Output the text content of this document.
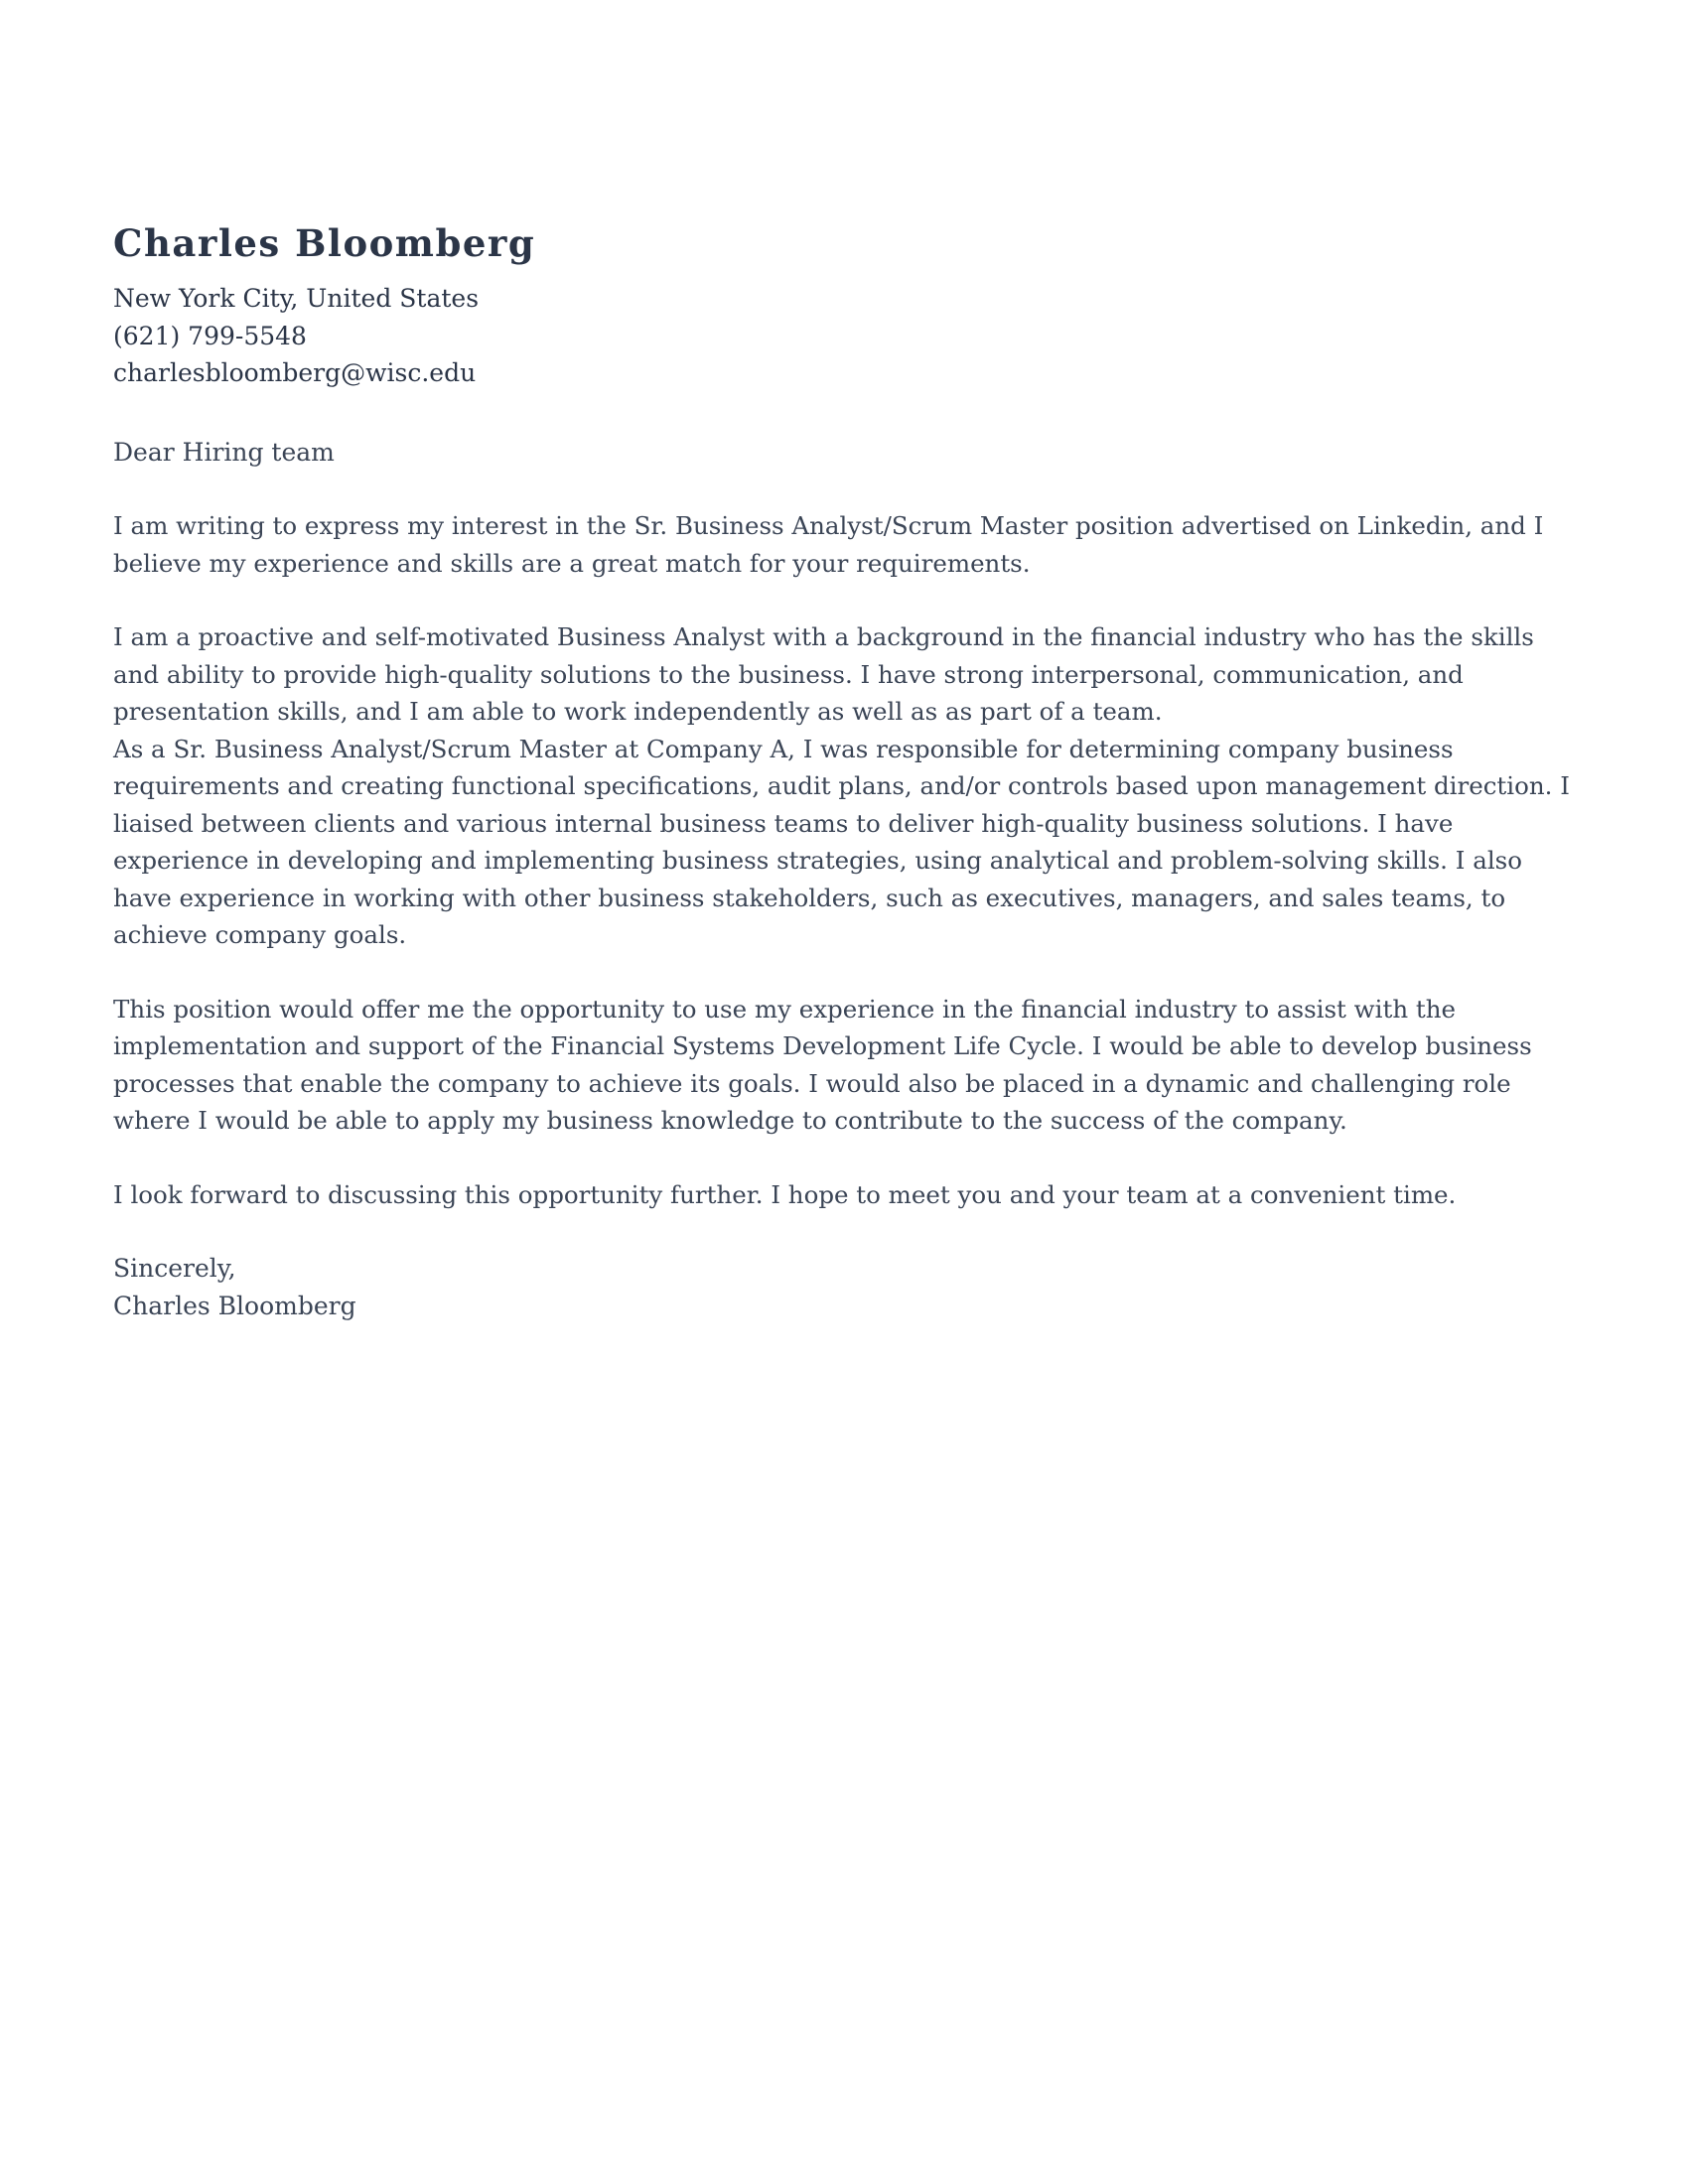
Charles Bloomberg
New York City, United States
(621) 799-5548
charlesbloomberg@wisc.edu
Dear Hiring team

I am writing to express my interest in the Sr. Business Analyst/Scrum Master position advertised on Linkedin, and I believe my experience and skills are a great match for your requirements.

I am a proactive and self-motivated Business Analyst with a background in the financial industry who has the skills and ability to provide high-quality solutions to the business. I have strong interpersonal, communication, and presentation skills, and I am able to work independently as well as as part of a team.

As a Sr. Business Analyst/Scrum Master at Company A, I was responsible for determining company business requirements and creating functional specifications, audit plans, and/or controls based upon management direction. I liaised between clients and various internal business teams to deliver high-quality business solutions. I have experience in developing and implementing business strategies, using analytical and problem-solving skills. I also have experience in working with other business stakeholders, such as executives, managers, and sales teams, to achieve company goals.

This position would offer me the opportunity to use my experience in the financial industry to assist with the implementation and support of the Financial Systems Development Life Cycle. I would be able to develop business processes that enable the company to achieve its goals. I would also be placed in a dynamic and challenging role where I would be able to apply my business knowledge to contribute to the success of the company.

I look forward to discussing this opportunity further. I hope to meet you and your team at a convenient time.

Sincerely,
Charles Bloomberg
